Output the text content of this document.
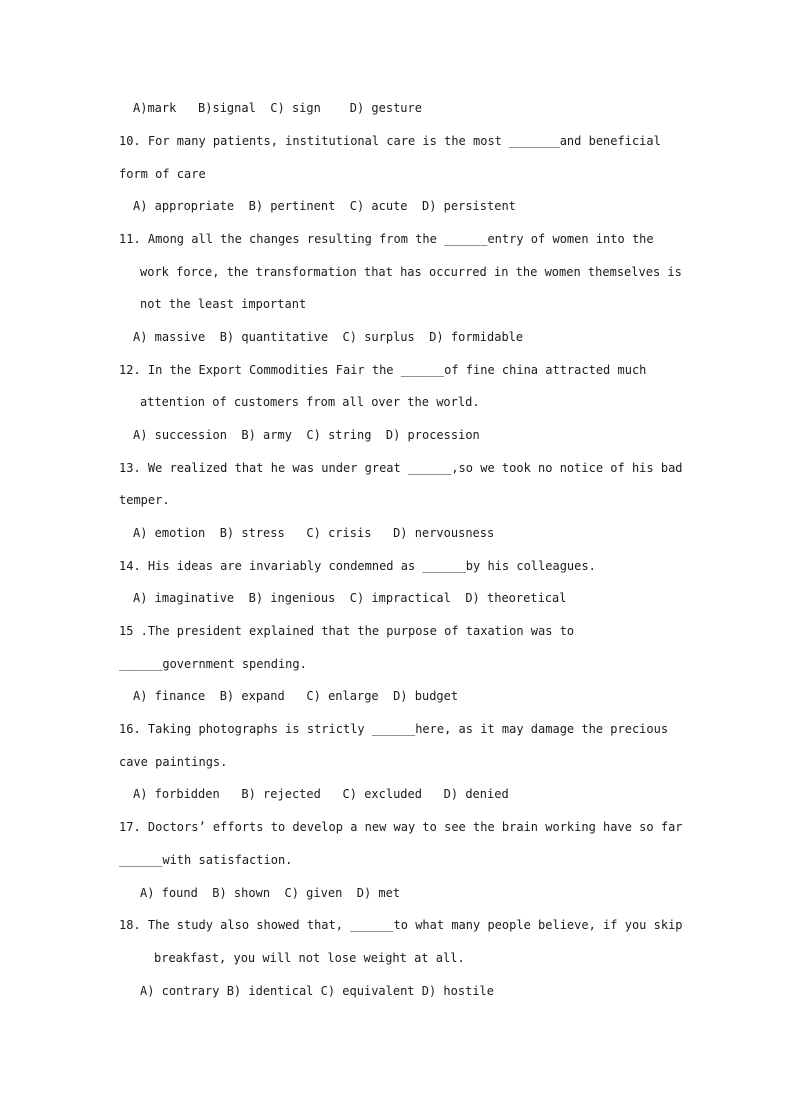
A)mark   B)signal  C) sign    D) gesture
10. For many patients, institutional care is the most _______and beneficial
form of care
A) appropriate  B) pertinent  C) acute  D) persistent
11. Among all the changes resulting from the ______entry of women into the
work force, the transformation that has occurred in the women themselves is
not the least important
A) massive  B) quantitative  C) surplus  D) formidable
12. In the Export Commodities Fair the ______of fine china attracted much
attention of customers from all over the world.
A) succession  B) army  C) string  D) procession
13. We realized that he was under great ______,so we took no notice of his bad
temper.
A) emotion  B) stress   C) crisis   D) nervousness
14. His ideas are invariably condemned as ______by his colleagues.
A) imaginative  B) ingenious  C) impractical  D) theoretical
15 .The president explained that the purpose of taxation was to
______government spending.
A) finance  B) expand   C) enlarge  D) budget
16. Taking photographs is strictly ______here, as it may damage the precious
cave paintings.
A) forbidden   B) rejected   C) excluded   D) denied
17. Doctors’ efforts to develop a new way to see the brain working have so far
______with satisfaction.
A) found  B) shown  C) given  D) met
18. The study also showed that, ______to what many people believe, if you skip
breakfast, you will not lose weight at all.
A) contrary B) identical C) equivalent D) hostile
